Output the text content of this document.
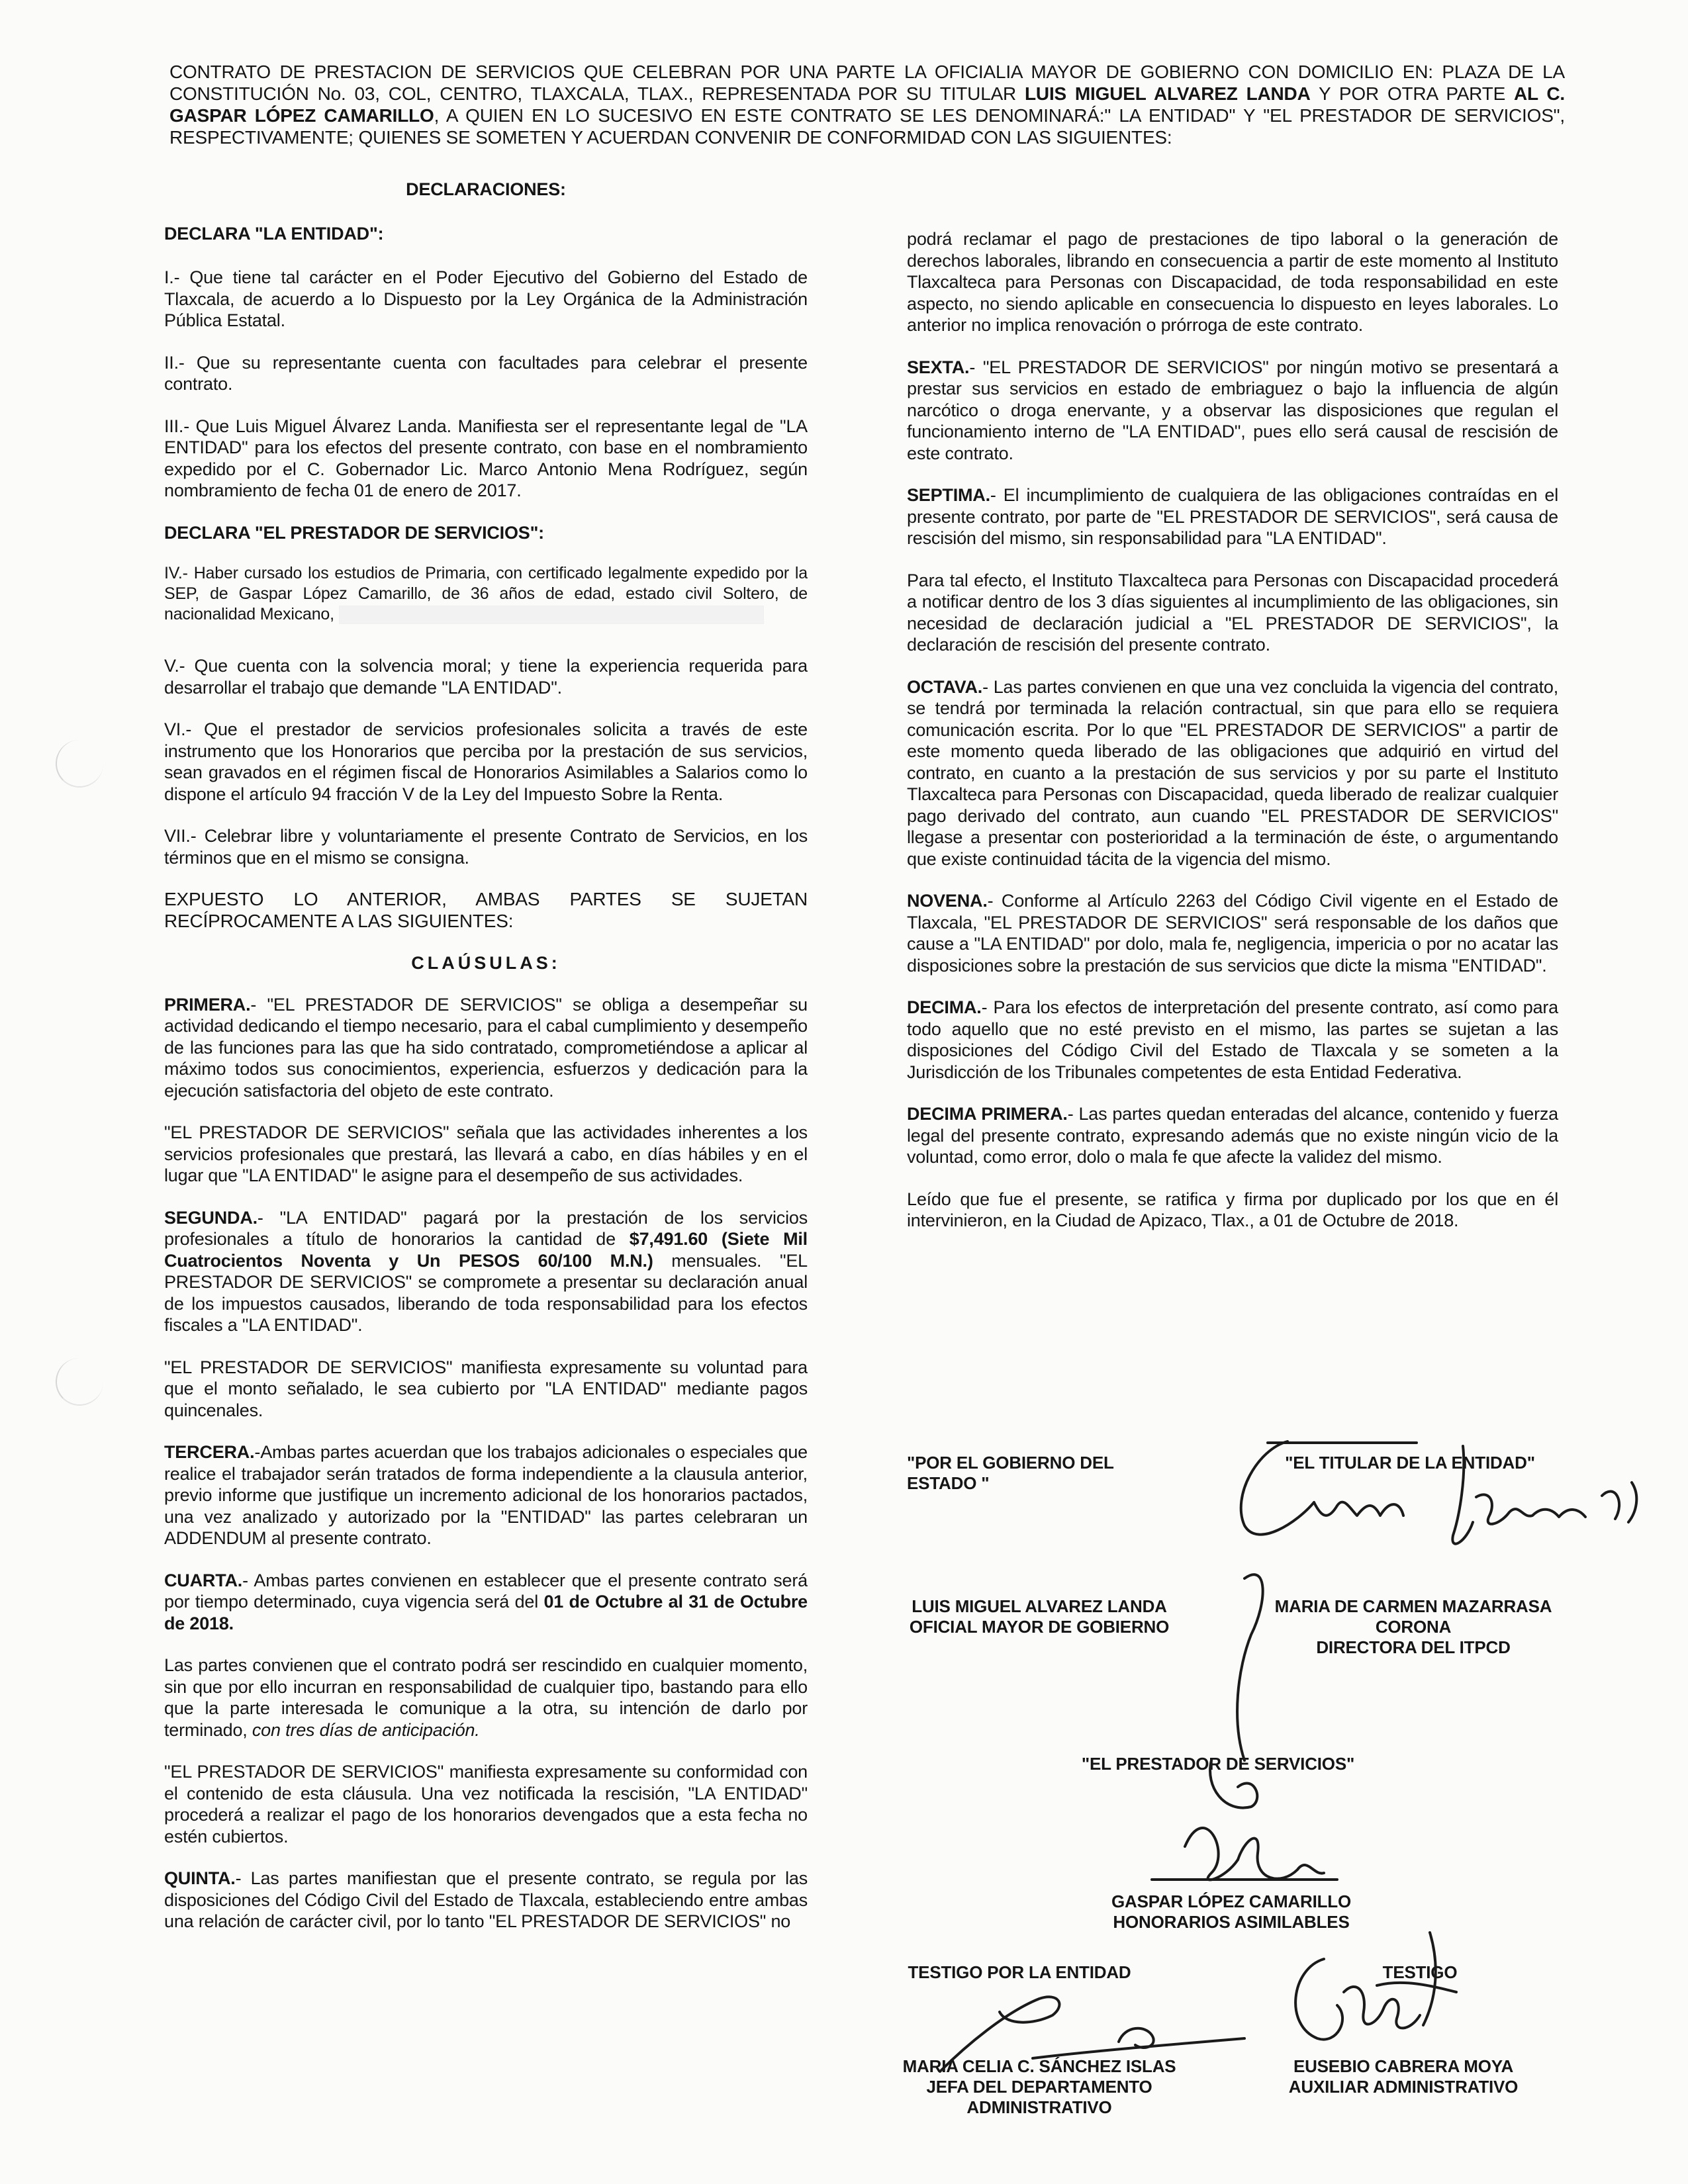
CONTRATO DE PRESTACION DE SERVICIOS QUE CELEBRAN POR UNA PARTE LA OFICIALIA MAYOR DE GOBIERNO CON DOMICILIO EN: PLAZA DE LA CONSTITUCIÓN No. 03, COL, CENTRO, TLAXCALA, TLAX., REPRESENTADA POR SU TITULAR LUIS MIGUEL ALVAREZ LANDA Y POR OTRA PARTE AL C. GASPAR LÓPEZ CAMARILLO, A QUIEN EN LO SUCESIVO EN ESTE CONTRATO SE LES DENOMINARÁ:" LA ENTIDAD" Y "EL PRESTADOR DE SERVICIOS", RESPECTIVAMENTE; QUIENES SE SOMETEN Y ACUERDAN CONVENIR DE CONFORMIDAD CON LAS SIGUIENTES:
DECLARACIONES:
DECLARA "LA ENTIDAD":

I.- Que tiene tal carácter en el Poder Ejecutivo del Gobierno del Estado de Tlaxcala, de acuerdo a lo Dispuesto por la Ley Orgánica de la Administración Pública Estatal.

II.- Que su representante cuenta con facultades para celebrar el presente contrato.

III.- Que Luis Miguel Álvarez Landa. Manifiesta ser el representante legal de "LA ENTIDAD" para los efectos del presente contrato, con base en el nombramiento expedido por el C. Gobernador Lic. Marco Antonio Mena Rodríguez, según nombramiento de fecha 01 de enero de 2017.

DECLARA "EL PRESTADOR DE SERVICIOS":

IV.- Haber cursado los estudios de Primaria, con certificado legalmente expedido por la SEP, de Gaspar López Camarillo, de 36 años de edad, estado civil Soltero, de nacionalidad Mexicano,

V.- Que cuenta con la solvencia moral; y tiene la experiencia requerida para desarrollar el trabajo que demande "LA ENTIDAD".

VI.- Que el prestador de servicios profesionales solicita a través de este instrumento que los Honorarios que perciba por la prestación de sus servicios, sean gravados en el régimen fiscal de Honorarios Asimilables a Salarios como lo dispone el artículo 94 fracción V de la Ley del Impuesto Sobre la Renta.

VII.- Celebrar libre y voluntariamente el presente Contrato de Servicios, en los términos que en el mismo se consigna.

EXPUESTO LO ANTERIOR, AMBAS PARTES SE SUJETAN RECÍPROCAMENTE A LAS SIGUIENTES:

CLAÚSULAS:

PRIMERA.- "EL PRESTADOR DE SERVICIOS" se obliga a desempeñar su actividad dedicando el tiempo necesario, para el cabal cumplimiento y desempeño de las funciones para las que ha sido contratado, comprometiéndose a aplicar al máximo todos sus conocimientos, experiencia, esfuerzos y dedicación para la ejecución satisfactoria del objeto de este contrato.

"EL PRESTADOR DE SERVICIOS" señala que las actividades inherentes a los servicios profesionales que prestará, las llevará a cabo, en días hábiles y en el lugar que "LA ENTIDAD" le asigne para el desempeño de sus actividades.

SEGUNDA.- "LA ENTIDAD" pagará por la prestación de los servicios profesionales a título de honorarios la cantidad de $7,491.60 (Siete Mil Cuatrocientos Noventa y Un PESOS 60/100 M.N.) mensuales. "EL PRESTADOR DE SERVICIOS" se compromete a presentar su declaración anual de los impuestos causados, liberando de toda responsabilidad para los efectos fiscales a "LA ENTIDAD".

"EL PRESTADOR DE SERVICIOS" manifiesta expresamente su voluntad para que el monto señalado, le sea cubierto por "LA ENTIDAD" mediante pagos quincenales.

TERCERA.-Ambas partes acuerdan que los trabajos adicionales o especiales que realice el trabajador serán tratados de forma independiente a la clausula anterior, previo informe que justifique un incremento adicional de los honorarios pactados, una vez analizado y autorizado por la "ENTIDAD" las partes celebraran un ADDENDUM al presente contrato.

CUARTA.- Ambas partes convienen en establecer que el presente contrato será por tiempo determinado, cuya vigencia será del 01 de Octubre al 31 de Octubre de 2018.

Las partes convienen que el contrato podrá ser rescindido en cualquier momento, sin que por ello incurran en responsabilidad de cualquier tipo, bastando para ello que la parte interesada le comunique a la otra, su intención de darlo por terminado, con tres días de anticipación.

"EL PRESTADOR DE SERVICIOS" manifiesta expresamente su conformidad con el contenido de esta cláusula. Una vez notificada la rescisión, "LA ENTIDAD" procederá a realizar el pago de los honorarios devengados que a esta fecha no estén cubiertos.

QUINTA.- Las partes manifiestan que el presente contrato, se regula por las disposiciones del Código Civil del Estado de Tlaxcala, estableciendo entre ambas una relación de carácter civil, por lo tanto "EL PRESTADOR DE SERVICIOS" no

podrá reclamar el pago de prestaciones de tipo laboral o la generación de derechos laborales, librando en consecuencia a partir de este momento al Instituto Tlaxcalteca para Personas con Discapacidad, de toda responsabilidad en este aspecto, no siendo aplicable en consecuencia lo dispuesto en leyes laborales. Lo anterior no implica renovación o prórroga de este contrato.

SEXTA.- "EL PRESTADOR DE SERVICIOS" por ningún motivo se presentará a prestar sus servicios en estado de embriaguez o bajo la influencia de algún narcótico o droga enervante, y a observar las disposiciones que regulan el funcionamiento interno de "LA ENTIDAD", pues ello será causal de rescisión de este contrato.

SEPTIMA.- El incumplimiento de cualquiera de las obligaciones contraídas en el presente contrato, por parte de "EL PRESTADOR DE SERVICIOS", será causa de rescisión del mismo, sin responsabilidad para "LA ENTIDAD".

Para tal efecto, el Instituto Tlaxcalteca para Personas con Discapacidad procederá a notificar dentro de los 3 días siguientes al incumplimiento de las obligaciones, sin necesidad de declaración judicial a "EL PRESTADOR DE SERVICIOS", la declaración de rescisión del presente contrato.

OCTAVA.- Las partes convienen en que una vez concluida la vigencia del contrato, se tendrá por terminada la relación contractual, sin que para ello se requiera comunicación escrita. Por lo que "EL PRESTADOR DE SERVICIOS" a partir de este momento queda liberado de las obligaciones que adquirió en virtud del contrato, en cuanto a la prestación de sus servicios y por su parte el Instituto Tlaxcalteca para Personas con Discapacidad, queda liberado de realizar cualquier pago derivado del contrato, aun cuando "EL PRESTADOR DE SERVICIOS" llegase a presentar con posterioridad a la terminación de éste, o argumentando que existe continuidad tácita de la vigencia del mismo.

NOVENA.- Conforme al Artículo 2263 del Código Civil vigente en el Estado de Tlaxcala, "EL PRESTADOR DE SERVICIOS" será responsable de los daños que cause a "LA ENTIDAD" por dolo, mala fe, negligencia, impericia o por no acatar las disposiciones sobre la prestación de sus servicios que dicte la misma "ENTIDAD".

DECIMA.- Para los efectos de interpretación del presente contrato, así como para todo aquello que no esté previsto en el mismo, las partes se sujetan a las disposiciones del Código Civil del Estado de Tlaxcala y se someten a la Jurisdicción de los Tribunales competentes de esta Entidad Federativa.

DECIMA PRIMERA.- Las partes quedan enteradas del alcance, contenido y fuerza legal del presente contrato, expresando además que no existe ningún vicio de la voluntad, como error, dolo o mala fe que afecte la validez del mismo.

Leído que fue el presente, se ratifica y firma por duplicado por los que en él intervinieron, en la Ciudad de Apizaco, Tlax., a 01 de Octubre de 2018.

"POR EL GOBIERNO DEL ESTADO "
"EL TITULAR DE LA ENTIDAD"
LUIS MIGUEL ALVAREZ LANDA
OFICIAL MAYOR DE GOBIERNO
MARIA DE CARMEN MAZARRASA
CORONA
DIRECTORA DEL ITPCD
"EL PRESTADOR DE SERVICIOS"
GASPAR LÓPEZ CAMARILLO
HONORARIOS ASIMILABLES
TESTIGO POR LA ENTIDAD	TESTIGO
MARIA CELIA C. SÁNCHEZ ISLAS
JEFA DEL DEPARTAMENTO
ADMINISTRATIVO
EUSEBIO CABRERA MOYA
AUXILIAR ADMINISTRATIVO
